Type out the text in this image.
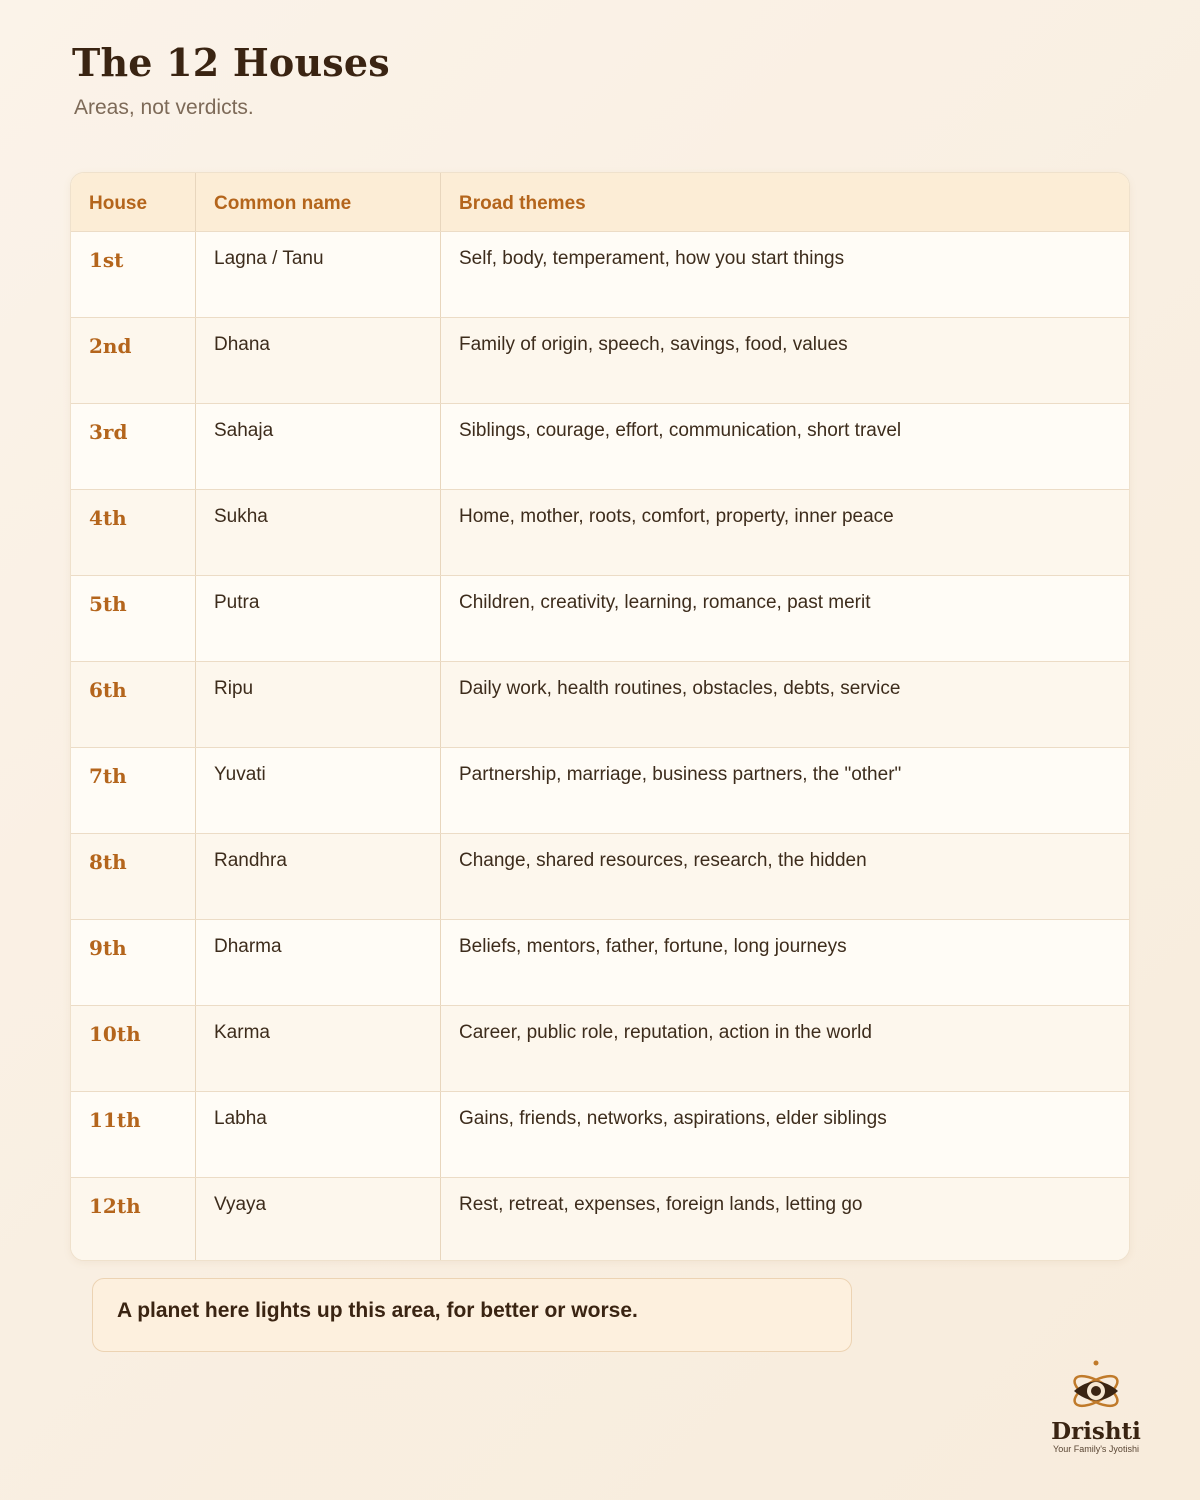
The 12 Houses
Areas, not verdicts.
House	Common name	Broad themes
1st	Lagna / Tanu	Self, body, temperament, how you start things
2nd	Dhana	Family of origin, speech, savings, food, values
3rd	Sahaja	Siblings, courage, effort, communication, short travel
4th	Sukha	Home, mother, roots, comfort, property, inner peace
5th	Putra	Children, creativity, learning, romance, past merit
6th	Ripu	Daily work, health routines, obstacles, debts, service
7th	Yuvati	Partnership, marriage, business partners, the "other"
8th	Randhra	Change, shared resources, research, the hidden
9th	Dharma	Beliefs, mentors, father, fortune, long journeys
10th	Karma	Career, public role, reputation, action in the world
11th	Labha	Gains, friends, networks, aspirations, elder siblings
12th	Vyaya	Rest, retreat, expenses, foreign lands, letting go
A planet here lights up this area, for better or worse.
Drishti
Your Family's Jyotishi
